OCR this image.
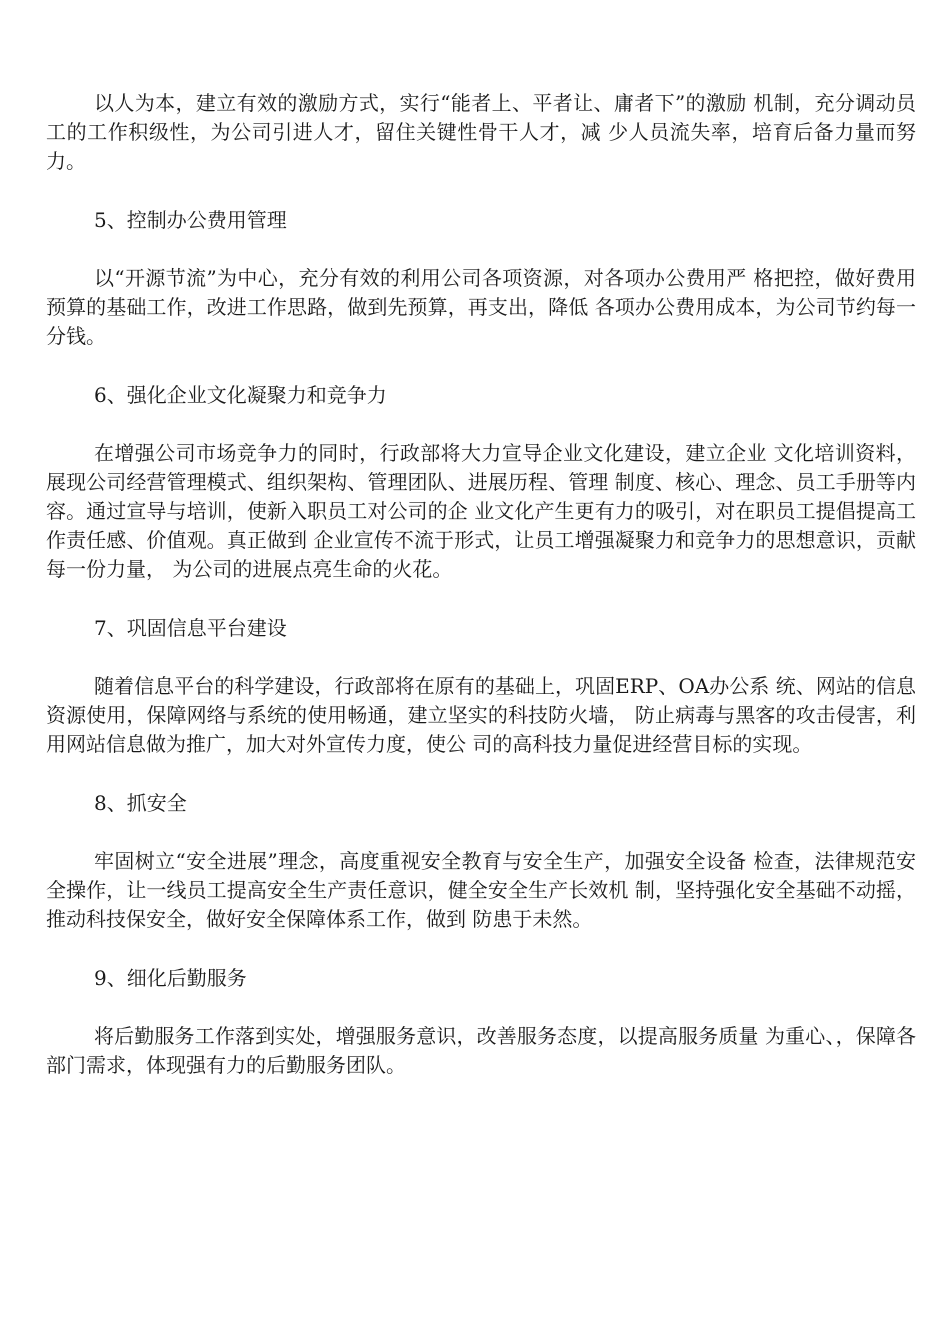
以人为本，建立有效的激励方式，实行“能者上、平者让、庸者下”的激励 机制，充分调动员工的工作积级性，为公司引进人才，留住关键性骨干人才，减 少人员流失率，培育后备力量而努力。

5、控制办公费用管理

以“开源节流”为中心，充分有效的利用公司各项资源，对各项办公费用严 格把控，做好费用预算的基础工作，改进工作思路，做到先预算，再支出，降低 各项办公费用成本，为公司节约每一分钱。

6、强化企业文化凝聚力和竞争力

在增强公司市场竞争力的同时，行政部将大力宣导企业文化建设，建立企业 文化培训资料，展现公司经营管理模式、组织架构、管理团队、进展历程、管理 制度、核心、理念、员工手册等内容。通过宣导与培训，使新入职员工对公司的企 业文化产生更有力的吸引，对在职员工提倡提高工作责任感、价值观。真正做到 企业宣传不流于形式，让员工增强凝聚力和竞争力的思想意识，贡献每一份力量， 为公司的进展点亮生命的火花。

7、巩固信息平台建设

随着信息平台的科学建设，行政部将在原有的基础上，巩固ERP、OA办公系 统、网站的信息资源使用，保障网络与系统的使用畅通，建立坚实的科技防火墙， 防止病毒与黑客的攻击侵害，利用网站信息做为推广，加大对外宣传力度，使公 司的高科技力量促进经营目标的实现。

8、抓安全

牢固树立“安全进展”理念，高度重视安全教育与安全生产，加强安全设备 检查，法律规范安全操作，让一线员工提高安全生产责任意识，健全安全生产长效机 制，坚持强化安全基础不动摇，推动科技保安全，做好安全保障体系工作，做到 防患于未然。

9、细化后勤服务

将后勤服务工作落到实处，增强服务意识，改善服务态度，以提高服务质量 为重心、，保障各部门需求，体现强有力的后勤服务团队。
